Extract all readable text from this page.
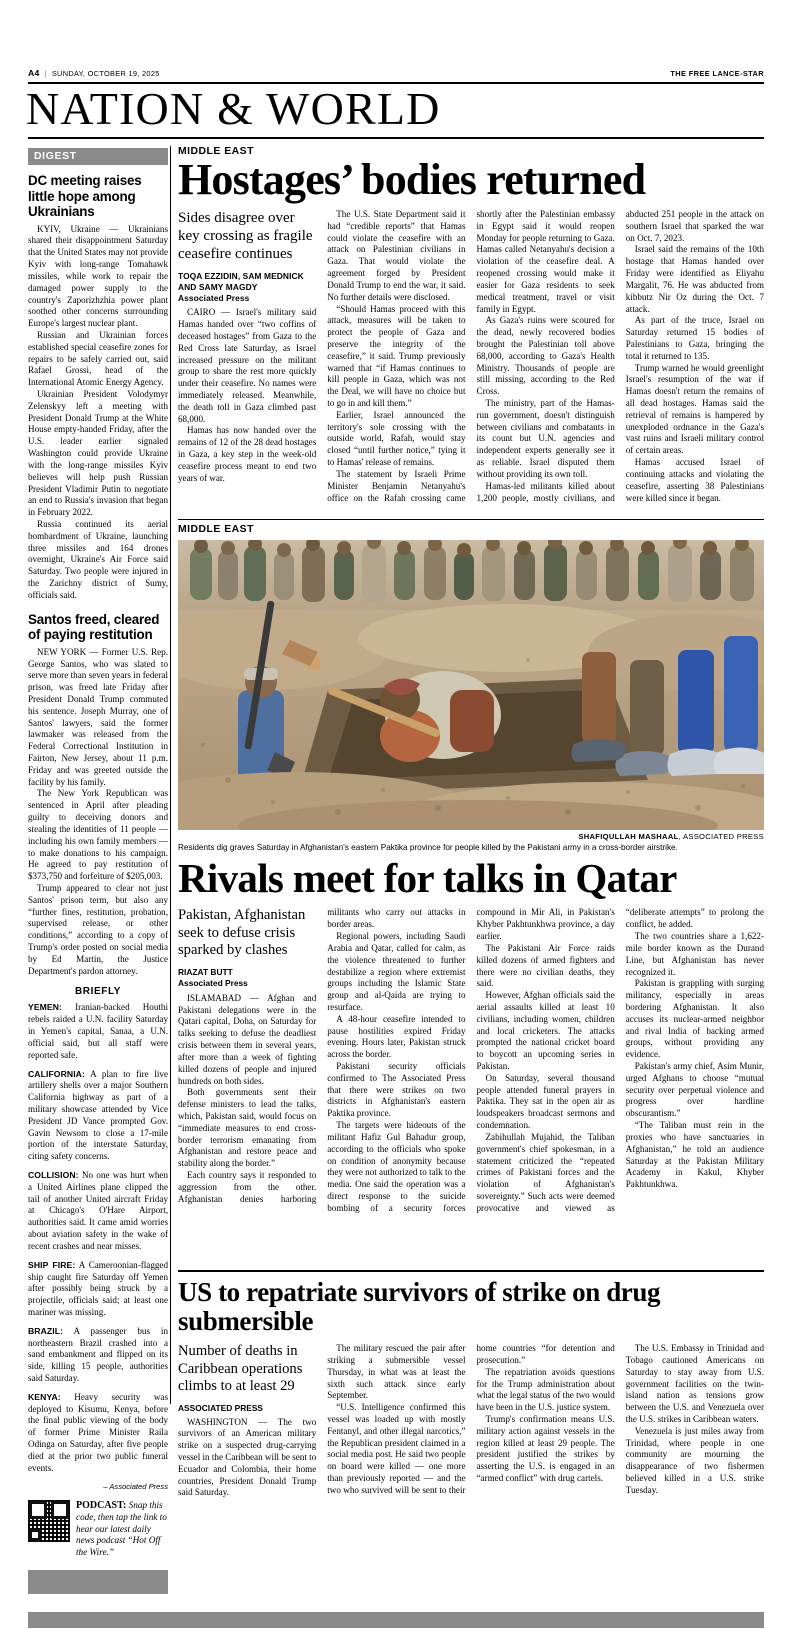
A4 | SUNDAY, OCTOBER 19, 2025	THE FREE LANCE-STAR
NATION & WORLD
DIGEST
DC meeting raises little hope among Ukrainians

KYIV, Ukraine — Ukrainians shared their disappointment Saturday that the United States may not provide Kyiv with long-range Tomahawk missiles, while work to repair the damaged power supply to the country's Zaporizhzhia power plant soothed other concerns surrounding Europe's largest nuclear plant.

Russian and Ukrainian forces established special ceasefire zones for repairs to be safely carried out, said Rafael Grossi, head of the International Atomic Energy Agency.

Ukrainian President Volodymyr Zelenskyy left a meeting with President Donald Trump at the White House empty-handed Friday, after the U.S. leader earlier signaled Washington could provide Ukraine with the long-range missiles Kyiv believes will help push Russian President Vladimir Putin to negotiate an end to Russia's invasion that began in February 2022.

Russia continued its aerial bombardment of Ukraine, launching three missiles and 164 drones overnight, Ukraine's Air Force said Saturday. Two people were injured in the Zarichny district of Sumy, officials said.

Santos freed, cleared of paying restitution

NEW YORK — Former U.S. Rep. George Santos, who was slated to serve more than seven years in federal prison, was freed late Friday after President Donald Trump commuted his sentence. Joseph Murray, one of Santos' lawyers, said the former lawmaker was released from the Federal Correctional Institution in Fairton, New Jersey, about 11 p.m. Friday and was greeted outside the facility by his family.

The New York Republican was sentenced in April after pleading guilty to deceiving donors and stealing the identities of 11 people — including his own family members — to make donations to his campaign. He agreed to pay restitution of $373,750 and forfeiture of $205,003.

Trump appeared to clear not just Santos' prison term, but also any “further fines, restitution, probation, supervised release, or other conditions,” according to a copy of Trump's order posted on social media by Ed Martin, the Justice Department's pardon attorney.

BRIEFLY

YEMEN: Iranian-backed Houthi rebels raided a U.N. facility Saturday in Yemen's capital, Sanaa, a U.N. official said, but all staff were reported safe.

CALIFORNIA: A plan to fire live artillery shells over a major Southern California highway as part of a military showcase attended by Vice President JD Vance prompted Gov. Gavin Newsom to close a 17-mile portion of the interstate Saturday, citing safety concerns.

COLLISION: No one was hurt when a United Airlines plane clipped the tail of another United aircraft Friday at Chicago's O'Hare Airport, authorities said. It came amid worries about aviation safety in the wake of recent crashes and near misses.

SHIP FIRE: A Cameroonian-flagged ship caught fire Saturday off Yemen after possibly being struck by a projectile, officials said; at least one mariner was missing.

BRAZIL: A passenger bus in northeastern Brazil crashed into a sand embankment and flipped on its side, killing 15 people, authorities said Saturday.

KENYA: Heavy security was deployed to Kisumu, Kenya, before the final public viewing of the body of former Prime Minister Raila Odinga on Saturday, after five people died at the prior two public funeral events.

– Associated Press
PODCAST: Snap this code, then tap the link to hear our latest daily news podcast “Hot Off the Wire.”
MIDDLE EAST
Hostages’ bodies returned
Sides disagree over key crossing as fragile ceasefire continues
TOQA EZZIDIN, SAM MEDNICK AND SAMY MAGDY
Associated Press

CAIRO — Israel's military said Hamas handed over “two coffins of deceased hostages” from Gaza to the Red Cross late Saturday, as Israel increased pressure on the militant group to share the rest more quickly under their ceasefire. No names were immediately released. Meanwhile, the death toll in Gaza climbed past 68,000.

Hamas has now handed over the remains of 12 of the 28 dead hostages in Gaza, a key step in the week-old ceasefire process meant to end two years of war.

The U.S. State Department said it had “credible reports” that Hamas could violate the ceasefire with an attack on Palestinian civilians in Gaza. That would violate the agreement forged by President Donald Trump to end the war, it said. No further details were disclosed.

“Should Hamas proceed with this attack, measures will be taken to protect the people of Gaza and preserve the integrity of the ceasefire,” it said. Trump previously warned that “if Hamas continues to kill people in Gaza, which was not the Deal, we will have no choice but to go in and kill them.”

Earlier, Israel announced the territory's sole crossing with the outside world, Rafah, would stay closed “until further notice,” tying it to Hamas' release of remains.

The statement by Israeli Prime Minister Benjamin Netanyahu's office on the Rafah crossing came shortly after the Palestinian embassy in Egypt said it would reopen Monday for people returning to Gaza. Hamas called Netanyahu's decision a violation of the ceasefire deal. A reopened crossing would make it easier for Gaza residents to seek medical treatment, travel or visit family in Egypt.

As Gaza's ruins were scoured for the dead, newly recovered bodies brought the Palestinian toll above 68,000, according to Gaza's Health Ministry. Thousands of people are still missing, according to the Red Cross.

The ministry, part of the Hamas-run government, doesn't distinguish between civilians and combatants in its count but U.N. agencies and independent experts generally see it as reliable. Israel disputed them without providing its own toll.

Hamas-led militants killed about 1,200 people, mostly civilians, and abducted 251 people in the attack on southern Israel that sparked the war on Oct. 7, 2023.

Israel said the remains of the 10th hostage that Hamas handed over Friday were identified as Eliyahu Margalit, 76. He was abducted from kibbutz Nir Oz during the Oct. 7 attack.

As part of the truce, Israel on Saturday returned 15 bodies of Palestinians to Gaza, bringing the total it returned to 135.

Trump warned he would greenlight Israel's resumption of the war if Hamas doesn't return the remains of all dead hostages. Hamas said the retrieval of remains is hampered by unexploded ordnance in the Gaza's vast ruins and Israeli military control of certain areas.

Hamas accused Israel of continuing attacks and violating the ceasefire, asserting 38 Palestinians were killed since it began.

MIDDLE EAST
SHAFIQULLAH MASHAAL, ASSOCIATED PRESS
Residents dig graves Saturday in Afghanistan's eastern Paktika province for people killed by the Pakistani army in a cross-border airstrike.
Rivals meet for talks in Qatar
Pakistan, Afghanistan seek to defuse crisis sparked by clashes
RIAZAT BUTT
Associated Press

ISLAMABAD — Afghan and Pakistani delegations were in the Qatari capital, Doha, on Saturday for talks seeking to defuse the deadliest crisis between them in several years, after more than a week of fighting killed dozens of people and injured hundreds on both sides.

Both governments sent their defense ministers to lead the talks, which, Pakistan said, would focus on “immediate measures to end cross-border terrorism emanating from Afghanistan and restore peace and stability along the border.”

Each country says it responded to aggression from the other. Afghanistan denies harboring militants who carry out attacks in border areas.

Regional powers, including Saudi Arabia and Qatar, called for calm, as the violence threatened to further destabilize a region where extremist groups including the Islamic State group and al-Qaida are trying to resurface.

A 48-hour ceasefire intended to pause hostilities expired Friday evening. Hours later, Pakistan struck across the border.

Pakistani security officials confirmed to The Associated Press that there were strikes on two districts in Afghanistan's eastern Paktika province.

The targets were hideouts of the militant Hafiz Gul Bahadur group, according to the officials who spoke on condition of anonymity because they were not authorized to talk to the media. One said the operation was a direct response to the suicide bombing of a security forces compound in Mir Ali, in Pakistan's Khyber Pakhtunkhwa province, a day earlier.

The Pakistani Air Force raids killed dozens of armed fighters and there were no civilian deaths, they said.

However, Afghan officials said the aerial assaults killed at least 10 civilians, including women, children and local cricketers. The attacks prompted the national cricket board to boycott an upcoming series in Pakistan.

On Saturday, several thousand people attended funeral prayers in Paktika. They sat in the open air as loudspeakers broadcast sermons and condemnation.

Zabihullah Mujahid, the Taliban government's chief spokesman, in a statement criticized the “repeated crimes of Pakistani forces and the violation of Afghanistan's sovereignty.” Such acts were deemed provocative and viewed as “deliberate attempts” to prolong the conflict, he added.

The two countries share a 1,622-mile border known as the Durand Line, but Afghanistan has never recognized it.

Pakistan is grappling with surging militancy, especially in areas bordering Afghanistan. It also accuses its nuclear-armed neighbor and rival India of backing armed groups, without providing any evidence.

Pakistan's army chief, Asim Munir, urged Afghans to choose “mutual security over perpetual violence and progress over hardline obscurantism.”

“The Taliban must rein in the proxies who have sanctuaries in Afghanistan,” he told an audience Saturday at the Pakistan Military Academy in Kakul, Khyber Pakhtunkhwa.

US to repatriate survivors of strike on drug submersible
Number of deaths in Caribbean operations climbs to at least 29
ASSOCIATED PRESS

WASHINGTON — The two survivors of an American military strike on a suspected drug-carrying vessel in the Caribbean will be sent to Ecuador and Colombia, their home countries, President Donald Trump said Saturday.

The military rescued the pair after striking a submersible vessel Thursday, in what was at least the sixth such attack since early September.

“U.S. Intelligence confirmed this vessel was loaded up with mostly Fentanyl, and other illegal narcotics,” the Republican president claimed in a social media post. He said two people on board were killed — one more than previously reported — and the two who survived will be sent to their home countries “for detention and prosecution.”

The repatriation avoids questions for the Trump administration about what the legal status of the two would have been in the U.S. justice system.

Trump's confirmation means U.S. military action against vessels in the region killed at least 29 people. The president justified the strikes by asserting the U.S. is engaged in an “armed conflict” with drug cartels.

The U.S. Embassy in Trinidad and Tobago cautioned Americans on Saturday to stay away from U.S. government facilities on the twin-island nation as tensions grow between the U.S. and Venezuela over the U.S. strikes in Caribbean waters.

Venezuela is just miles away from Trinidad, where people in one community are mourning the disappearance of two fishermen believed killed in a U.S. strike Tuesday.
